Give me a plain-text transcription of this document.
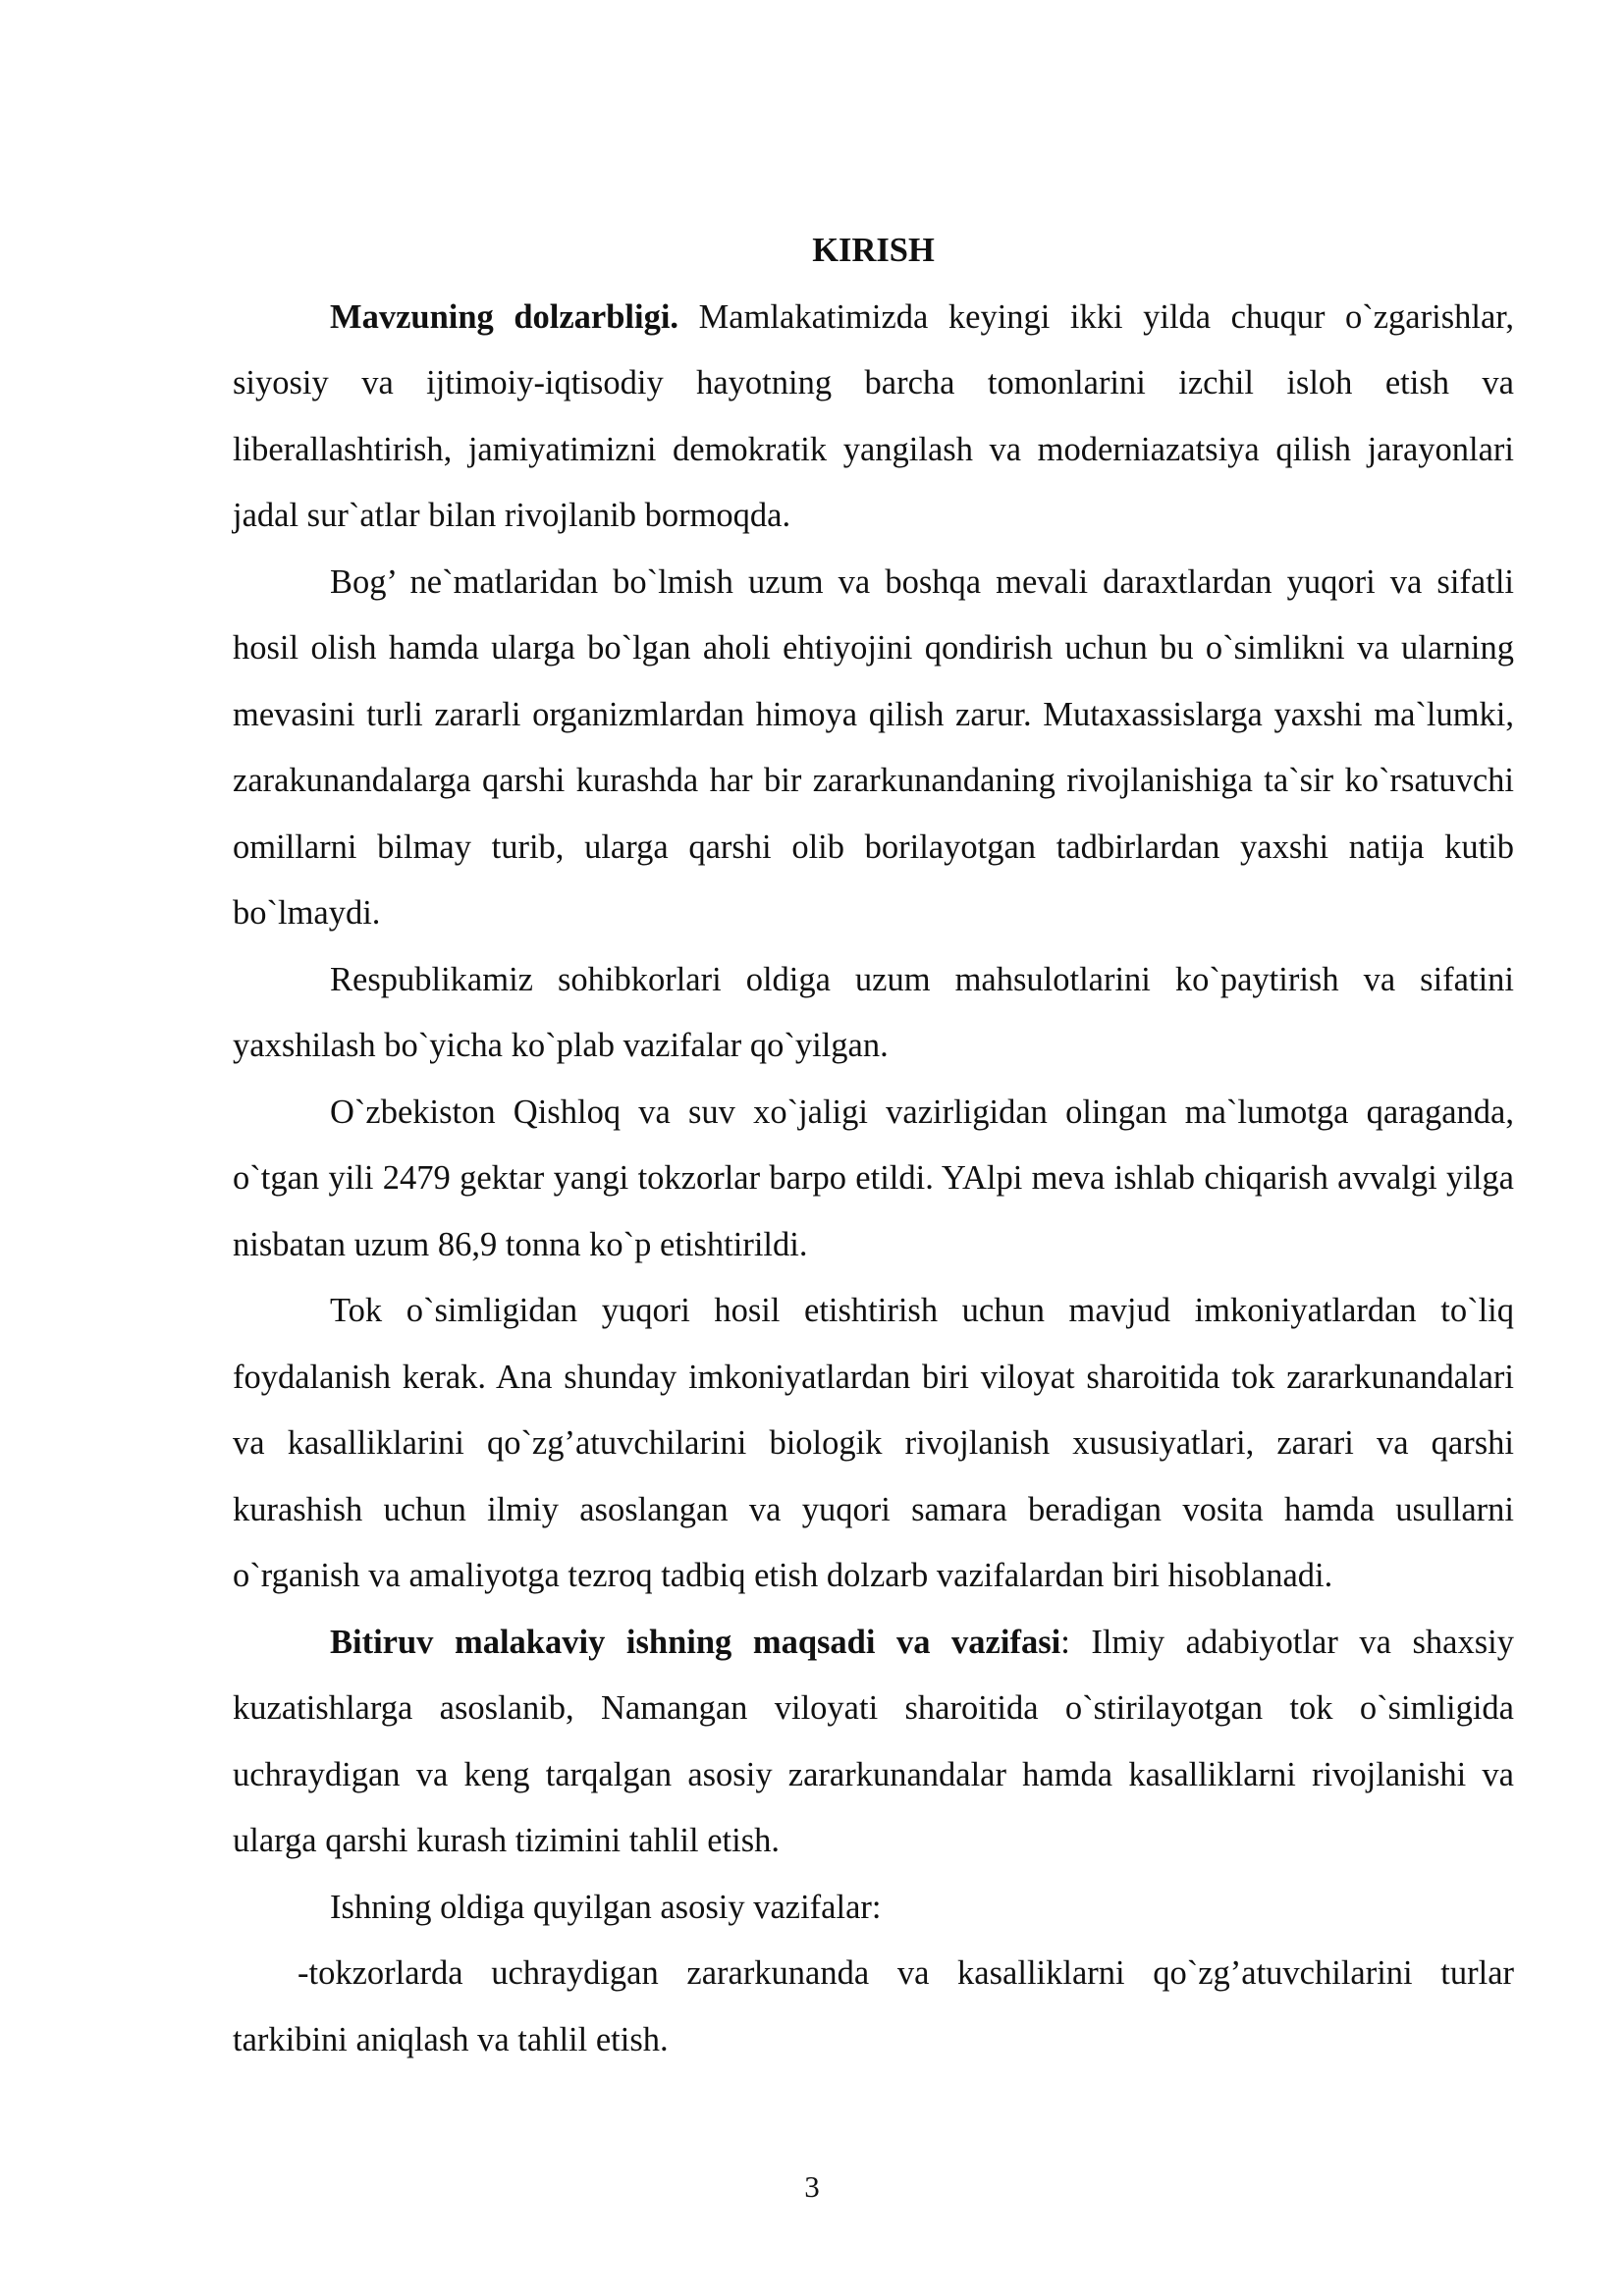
KIRISH

Mavzuning dolzarbligi. Mamlakatimizda keyingi ikki yilda chuqur o`zgarishlar, siyosiy va ijtimoiy-iqtisodiy hayotning barcha tomonlarini izchil isloh etish va liberallashtirish, jamiyatimizni demokratik yangilash va moderniazatsiya qilish jarayonlari jadal sur`atlar bilan rivojlanib bormoqda.

Bog’ ne`matlaridan bo`lmish uzum va boshqa mevali daraxtlardan yuqori va sifatli hosil olish hamda ularga bo`lgan aholi ehtiyojini qondirish uchun bu o`simlikni va ularning mevasini turli zararli organizmlardan himoya qilish zarur. Mutaxassislarga yaxshi ma`lumki, zarakunandalarga qarshi kurashda har bir zararkunandaning rivojlanishiga ta`sir ko`rsatuvchi omillarni bilmay turib, ularga qarshi olib borilayotgan tadbirlardan yaxshi natija kutib bo`lmaydi.

Respublikamiz sohibkorlari oldiga uzum mahsulotlarini ko`paytirish va sifatini yaxshilash bo`yicha ko`plab vazifalar qo`yilgan.

O`zbekiston Qishloq va suv xo`jaligi vazirligidan olingan ma`lumotga qaraganda, o`tgan yili 2479 gektar yangi tokzorlar barpo etildi. YAlpi meva ishlab chiqarish avvalgi yilga nisbatan uzum 86,9 tonna ko`p etishtirildi.

Tok o`simligidan yuqori hosil etishtirish uchun mavjud imkoniyatlardan to`liq foydalanish kerak. Ana shunday imkoniyatlardan biri viloyat sharoitida tok zararkunandalari va kasalliklarini qo`zg’atuvchilarini biologik rivojlanish xususiyatlari, zarari va qarshi kurashish uchun ilmiy asoslangan va yuqori samara beradigan vosita hamda usullarni o`rganish va amaliyotga tezroq tadbiq etish dolzarb vazifalardan biri hisoblanadi.

Bitiruv malakaviy ishning maqsadi va vazifasi: Ilmiy adabiyotlar va shaxsiy kuzatishlarga asoslanib, Namangan viloyati sharoitida o`stirilayotgan tok o`simligida uchraydigan va keng tarqalgan asosiy zararkunandalar hamda kasalliklarni rivojlanishi va ularga qarshi kurash tizimini tahlil etish.

Ishning oldiga quyilgan asosiy vazifalar:

-tokzorlarda uchraydigan zararkunanda va kasalliklarni qo`zg’atuvchilarini turlar tarkibini aniqlash va tahlil etish.

3
